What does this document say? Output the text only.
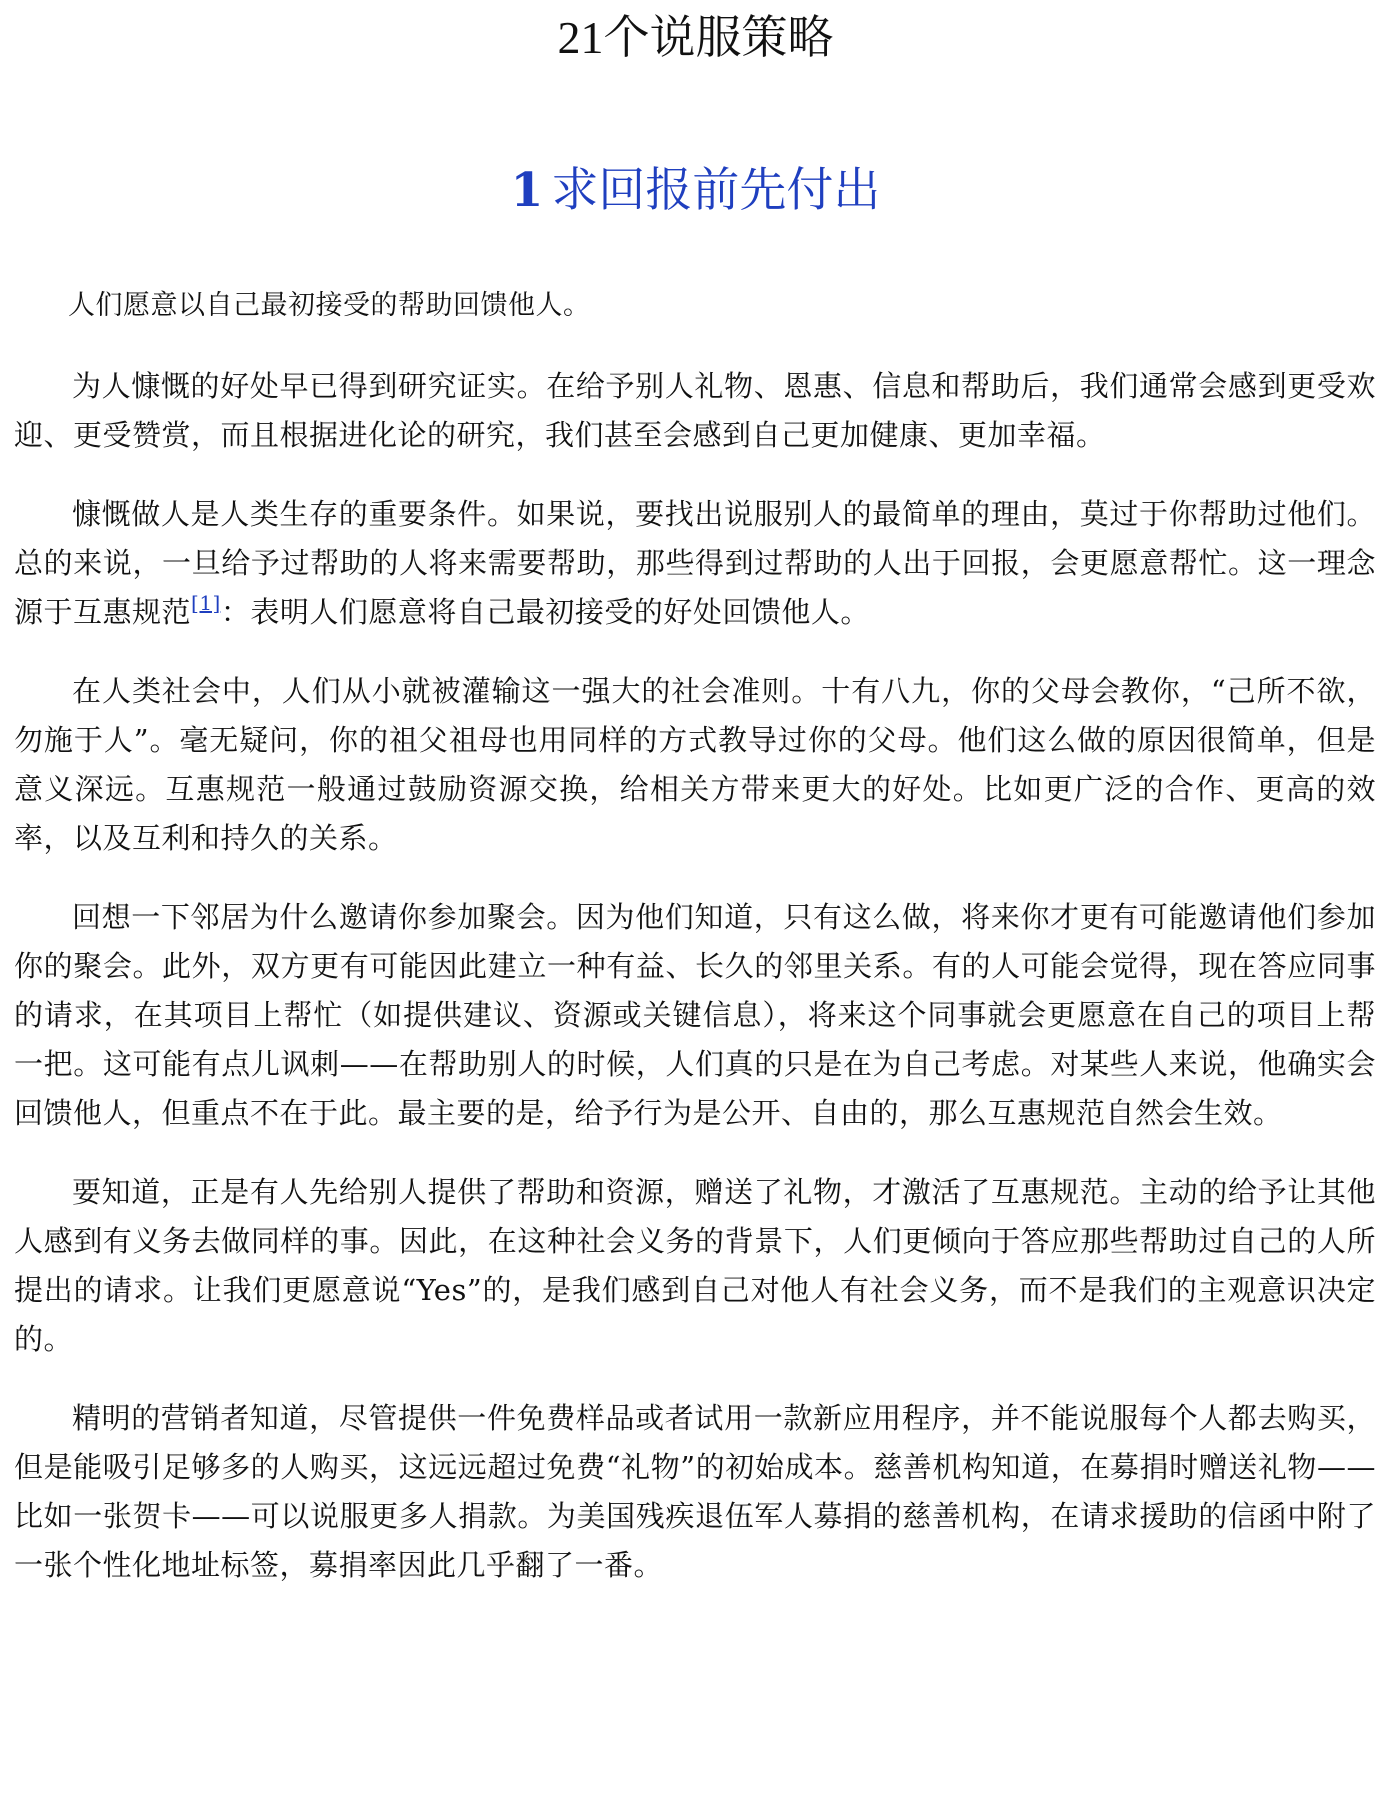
21个说服策略
1 求回报前先付出

人们愿意以自己最初接受的帮助回馈他人。

为人慷慨的好处早已得到研究证实。在给予别人礼物、恩惠、信息和帮助后，我们通常会感到更受欢迎、更受赞赏，而且根据进化论的研究，我们甚至会感到自己更加健康、更加幸福。

慷慨做人是人类生存的重要条件。如果说，要找出说服别人的最简单的理由，莫过于你帮助过他们。总的来说，一旦给予过帮助的人将来需要帮助，那些得到过帮助的人出于回报，会更愿意帮忙。这一理念源于互惠规范[1]：表明人们愿意将自己最初接受的好处回馈他人。

在人类社会中，人们从小就被灌输这一强大的社会准则。十有八九，你的父母会教你，“己所不欲，勿施于人”。毫无疑问，你的祖父祖母也用同样的方式教导过你的父母。他们这么做的原因很简单，但是意义深远。互惠规范一般通过鼓励资源交换，给相关方带来更大的好处。比如更广泛的合作、更高的效率，以及互利和持久的关系。

回想一下邻居为什么邀请你参加聚会。因为他们知道，只有这么做，将来你才更有可能邀请他们参加你的聚会。此外，双方更有可能因此建立一种有益、长久的邻里关系。有的人可能会觉得，现在答应同事的请求，在其项目上帮忙（如提供建议、资源或关键信息），将来这个同事就会更愿意在自己的项目上帮一把。这可能有点儿讽刺——在帮助别人的时候，人们真的只是在为自己考虑。对某些人来说，他确实会回馈他人，但重点不在于此。最主要的是，给予行为是公开、自由的，那么互惠规范自然会生效。

要知道，正是有人先给别人提供了帮助和资源，赠送了礼物，才激活了互惠规范。主动的给予让其他人感到有义务去做同样的事。因此，在这种社会义务的背景下，人们更倾向于答应那些帮助过自己的人所提出的请求。让我们更愿意说“Yes”的，是我们感到自己对他人有社会义务，而不是我们的主观意识决定的。

精明的营销者知道，尽管提供一件免费样品或者试用一款新应用程序，并不能说服每个人都去购买，但是能吸引足够多的人购买，这远远超过免费“礼物”的初始成本。慈善机构知道，在募捐时赠送礼物——比如一张贺卡——可以说服更多人捐款。为美国残疾退伍军人募捐的慈善机构，在请求援助的信函中附了一张个性化地址标签，募捐率因此几乎翻了一番。
